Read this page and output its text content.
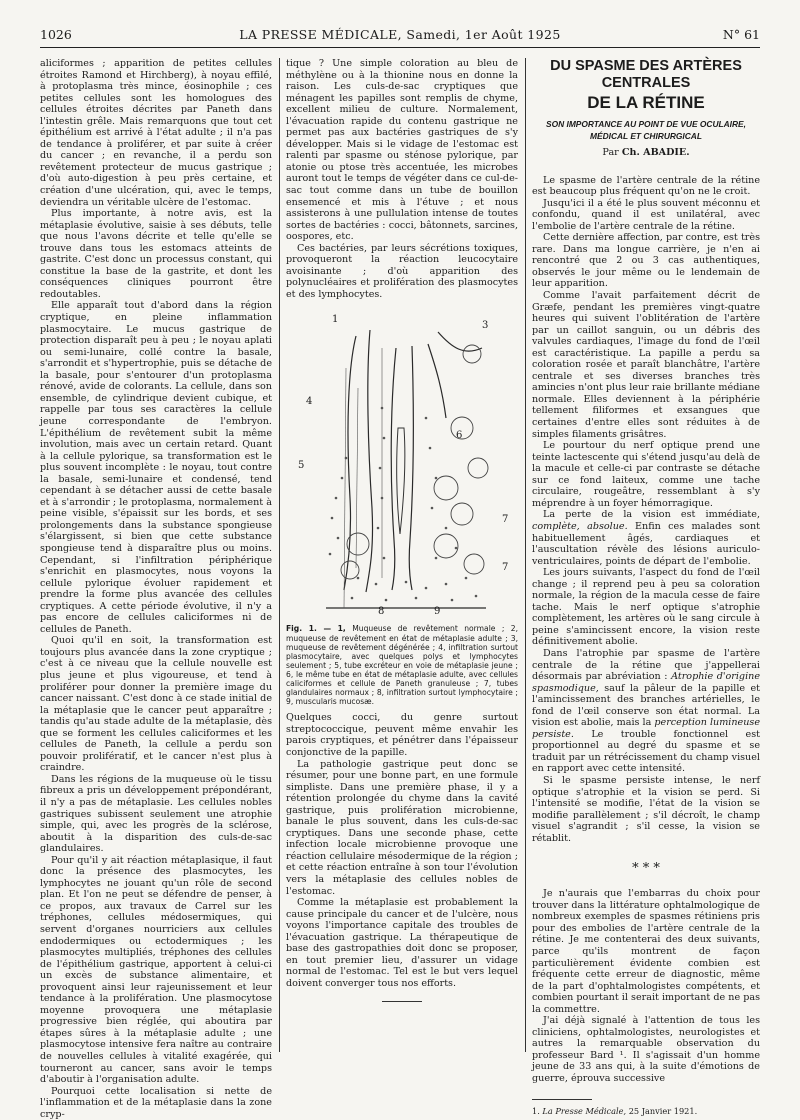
1026	LA PRESSE MÉDICALE, Samedi, 1er Août 1925	N° 61

aliciformes ; apparition de petites cellules étroites Ramond et Hirchberg), à noyau effilé, à protoplasma très mince, éosinophile ; ces petites cellules sont les homologues des cellules étroites décrites par Paneth dans l'intestin grêle. Mais remarquons que tout cet épithélium est arrivé à l'état adulte ; il n'a pas de tendance à proliférer, et par suite à créer du cancer ; en revanche, il a perdu son revêtement protecteur de mucus gastrique ; d'où auto-digestion à peu près certaine, et création d'une ulcération, qui, avec le temps, deviendra un véritable ulcère de l'estomac.

Plus importante, à notre avis, est la métaplasie évolutive, saisie à ses débuts, telle que nous l'avons décrite et telle qu'elle se trouve dans tous les estomacs atteints de gastrite. C'est donc un processus constant, qui constitue la base de la gastrite, et dont les conséquences cliniques pourront être redoutables.

Elle apparaît tout d'abord dans la région cryptique, en pleine inflammation plasmocytaire. Le mucus gastrique de protection disparaît peu à peu ; le noyau aplati ou semi-lunaire, collé contre la basale, s'arrondit et s'hypertrophie, puis se détache de la basale, pour s'entourer d'un protoplasma rénové, avide de colorants. La cellule, dans son ensemble, de cylindrique devient cubique, et rappelle par tous ses caractères la cellule jeune correspondante de l'embryon. L'épithélium de revêtement subit la même involution, mais avec un certain retard. Quant à la cellule pylorique, sa transformation est le plus souvent incomplète : le noyau, tout contre la basale, semi-lunaire et condensé, tend cependant à se détacher aussi de cette basale et à s'arrondir ; le protoplasma, normalement à peine visible, s'épaissit sur les bords, et ses prolongements dans la substance spongieuse s'élargissent, si bien que cette substance spongieuse tend à disparaître plus ou moins. Cependant, si l'infiltration périphérique s'enrichit en plasmocytes, nous voyons la cellule pylorique évoluer rapidement et prendre la forme plus avancée des cellules cryptiques. A cette période évolutive, il n'y a pas encore de cellules caliciformes ni de cellules de Paneth.

Quoi qu'il en soit, la transformation est toujours plus avancée dans la zone cryptique ; c'est à ce niveau que la cellule nouvelle est plus jeune et plus vigoureuse, et tend à proliférer pour donner la première image du cancer naissant. C'est donc à ce stade initial de la métaplasie que le cancer peut apparaître ; tandis qu'au stade adulte de la métaplasie, dès que se forment les cellules caliciformes et les cellules de Paneth, la cellule a perdu son pouvoir prolifératif, et le cancer n'est plus à craindre.

Dans les régions de la muqueuse où le tissu fibreux a pris un développement prépondérant, il n'y a pas de métaplasie. Les cellules nobles gastriques subissent seulement une atrophie simple, qui, avec les progrès de la sclérose, aboutit à la disparition des culs-de-sac glandulaires.

Pour qu'il y ait réaction métaplasique, il faut donc la présence des plasmocytes, les lymphocytes ne jouant qu'un rôle de second plan. Et l'on ne peut se défendre de penser, à ce propos, aux travaux de Carrel sur les tréphones, cellules médosermiques, qui servent d'organes nourriciers aux cellules endodermiques ou ectodermiques ; les plasmocytes multipliés, tréphones des cellules de l'épithélium gastrique, apportent à celui-ci un excès de substance alimentaire, et provoquent ainsi leur rajeunissement et leur tendance à la prolifération. Une plasmocytose moyenne provoquera une métaplasie progressive bien réglée, qui aboutira par étapes sûres à la métaplasie adulte ; une plasmocytose intensive fera naître au contraire de nouvelles cellules à vitalité exagérée, qui tourneront au cancer, sans avoir le temps d'aboutir à l'organisation adulte.

Pourquoi cette localisation si nette de l'inflammation et de la métaplasie dans la zone cryp-

tique ? Une simple coloration au bleu de méthylène ou à la thionine nous en donne la raison. Les culs-de-sac cryptiques que ménagent les papilles sont remplis de chyme, excellent milieu de culture. Normalement, l'évacuation rapide du contenu gastrique ne permet pas aux bactéries gastriques de s'y développer. Mais si le vidage de l'estomac est ralenti par spasme ou sténose pylorique, par atonie ou ptose très accentuée, les microbes auront tout le temps de végéter dans ce cul-de-sac tout comme dans un tube de bouillon ensemencé et mis à l'étuve ; et nous assisterons à une pullulation intense de toutes sortes de bactéries : cocci, bâtonnets, sarcines, oospores, etc.

Ces bactéries, par leurs sécrétions toxiques, provoqueront la réaction leucocytaire avoisinante ; d'où apparition des polynucléaires et prolifération des plasmocytes et des lymphocytes.

1
3
4
6
5
7
7
8	9
Fig. 1. — 1, Muqueuse de revêtement normale ; 2, muqueuse de revêtement en état de métaplasie adulte ; 3, muqueuse de revêtement dégénérée ; 4, infiltration surtout plasmocytaire, avec quelques polys et lymphocytes seulement ; 5, tube excréteur en voie de métaplasie jeune ; 6, le même tube en état de métaplasie adulte, avec cellules caliciformes et cellule de Paneth granuleuse ; 7, tubes glandulaires normaux ; 8, infiltration surtout lymphocytaire ; 9, muscularis mucosæ.

Quelques cocci, du genre surtout streptococcique, peuvent même envahir les parois cryptiques, et pénétrer dans l'épaisseur conjonctive de la papille.

La pathologie gastrique peut donc se résumer, pour une bonne part, en une formule simpliste. Dans une première phase, il y a rétention prolongée du chyme dans la cavité gastrique, puis prolifération microbienne, banale le plus souvent, dans les culs-de-sac cryptiques. Dans une seconde phase, cette infection locale microbienne provoque une réaction cellulaire mésodermique de la région ; et cette réaction entraîne à son tour l'évolution vers la métaplasie des cellules nobles de l'estomac.

Comme la métaplasie est probablement la cause principale du cancer et de l'ulcère, nous voyons l'importance capitale des troubles de l'évacuation gastrique. La thérapeutique de base des gastropathies doit donc se proposer, en tout premier lieu, d'assurer un vidage normal de l'estomac. Tel est le but vers lequel doivent converger tous nos efforts.

DU SPASME DES ARTÈRES CENTRALES
DE LA RÉTINE
SON IMPORTANCE AU POINT DE VUE OCULAIRE, MÉDICAL ET CHIRURGICAL
Par Ch. ABADIE.

Le spasme de l'artère centrale de la rétine est beaucoup plus fréquent qu'on ne le croit.

Jusqu'ici il a été le plus souvent méconnu et confondu, quand il est unilatéral, avec l'embolie de l'artère centrale de la rétine.

Cette dernière affection, par contre, est très rare. Dans ma longue carrière, je n'en ai rencontré que 2 ou 3 cas authentiques, observés le jour même ou le lendemain de leur apparition.

Comme l'avait parfaitement décrit de Græfe, pendant les premières vingt-quatre heures qui suivent l'oblitération de l'artère par un caillot sanguin, ou un débris des valvules cardiaques, l'image du fond de l'œil est caractéristique. La papille a perdu sa coloration rosée et paraît blanchâtre, l'artère centrale et ses diverses branches très amincies n'ont plus leur raie brillante médiane normale. Elles deviennent à la périphérie tellement filiformes et exsangues que certaines d'entre elles sont réduites à de simples filaments grisâtres.

Le pourtour du nerf optique prend une teinte lactescente qui s'étend jusqu'au delà de la macule et celle-ci par contraste se détache sur ce fond laiteux, comme une tache circulaire, rougeâtre, ressemblant à s'y méprendre à un foyer hémorragique.

La perte de la vision est immédiate, complète, absolue. Enfin ces malades sont habituellement âgés, cardiaques et l'auscultation révèle des lésions auriculo-ventriculaires, points de départ de l'embolie.

Les jours suivants, l'aspect du fond de l'œil change ; il reprend peu à peu sa coloration normale, la région de la macula cesse de faire tache. Mais le nerf optique s'atrophie complètement, les artères où le sang circule à peine s'amincissent encore, la vision reste définitivement abolie.

Dans l'atrophie par spasme de l'artère centrale de la rétine que j'appellerai désormais par abréviation : Atrophie d'origine spasmodique, sauf la pâleur de la papille et l'amincissement des branches artérielles, le fond de l'œil conserve son état normal. La vision est abolie, mais la perception lumineuse persiste. Le trouble fonctionnel est proportionnel au degré du spasme et se traduit par un rétrécissement du champ visuel en rapport avec cette intensité.

Si le spasme persiste intense, le nerf optique s'atrophie et la vision se perd. Si l'intensité se modifie, l'état de la vision se modifie parallèlement ; s'il décroît, le champ visuel s'agrandit ; s'il cesse, la vision se rétablit.

* * *

Je n'aurais que l'embarras du choix pour trouver dans la littérature ophtalmologique de nombreux exemples de spasmes rétiniens pris pour des embolies de l'artère centrale de la rétine. Je me contenterai des deux suivants, parce qu'ils montrent de façon particulièrement évidente combien est fréquente cette erreur de diagnostic, même de la part d'ophtalmologistes compétents, et combien pourtant il serait important de ne pas la commettre.

J'ai déjà signalé à l'attention de tous les cliniciens, ophtalmologistes, neurologistes et autres la remarquable observation du professeur Bard ¹. Il s'agissait d'un homme jeune de 33 ans qui, à la suite d'émotions de guerre, éprouva successive

1. La Presse Médicale, 25 Janvier 1921.
